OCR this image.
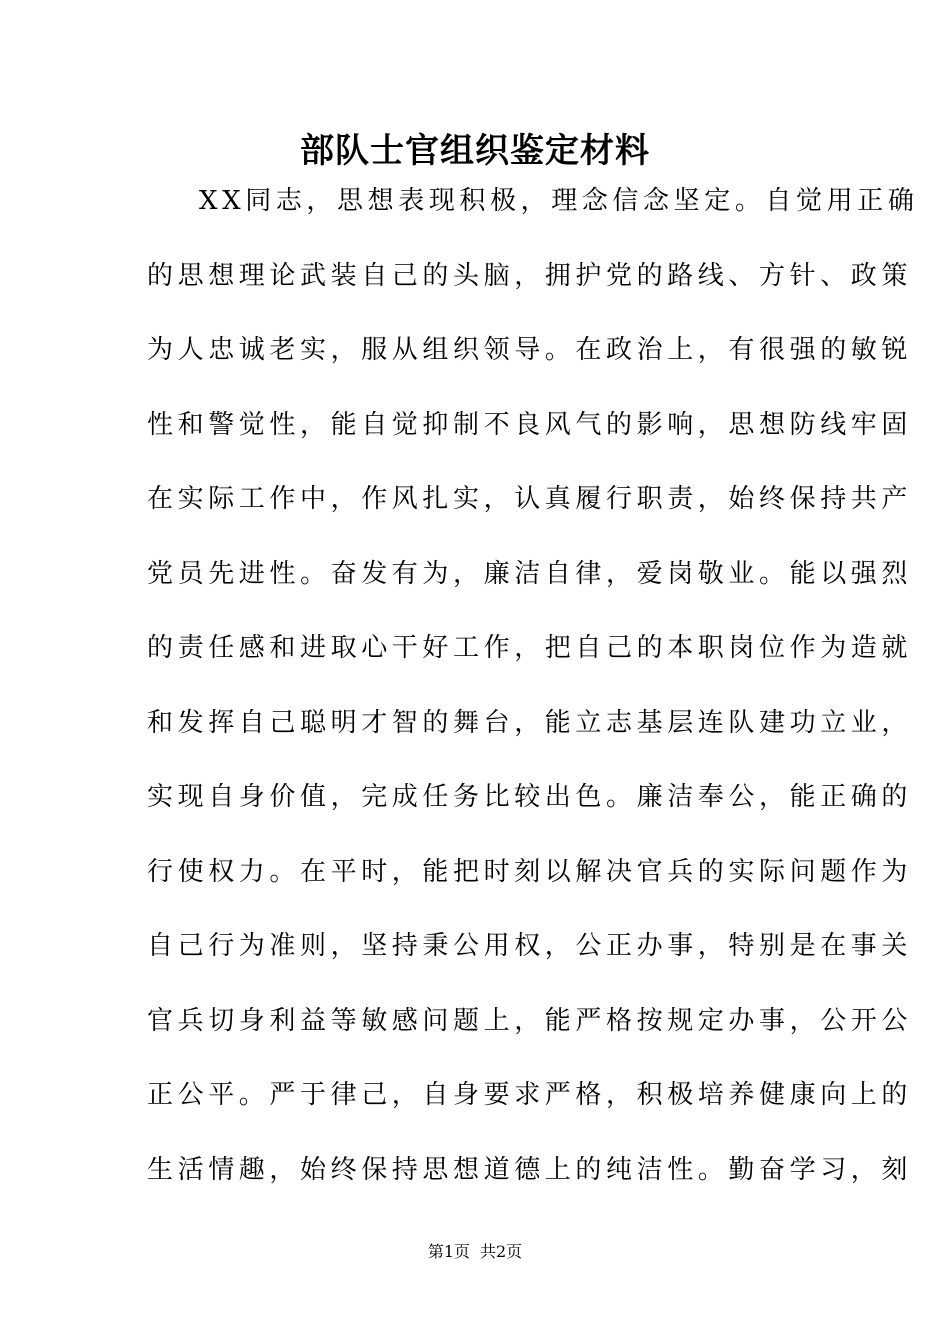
部队士官组织鉴定材料
XX同志，思想表现积极，理念信念坚定。自觉用正确
的思想理论武装自己的头脑，拥护党的路线、方针、政策
为人忠诚老实，服从组织领导。在政治上，有很强的敏锐
性和警觉性，能自觉抑制不良风气的影响，思想防线牢固
在实际工作中，作风扎实，认真履行职责，始终保持共产
党员先进性。奋发有为，廉洁自律，爱岗敬业。能以强烈
的责任感和进取心干好工作，把自己的本职岗位作为造就
和发挥自己聪明才智的舞台，能立志基层连队建功立业，
实现自身价值，完成任务比较出色。廉洁奉公，能正确的
行使权力。在平时，能把时刻以解决官兵的实际问题作为
自己行为准则，坚持秉公用权，公正办事，特别是在事关
官兵切身利益等敏感问题上，能严格按规定办事，公开公
正公平。严于律己，自身要求严格，积极培养健康向上的
生活情趣，始终保持思想道德上的纯洁性。勤奋学习，刻
第1页 共2页
